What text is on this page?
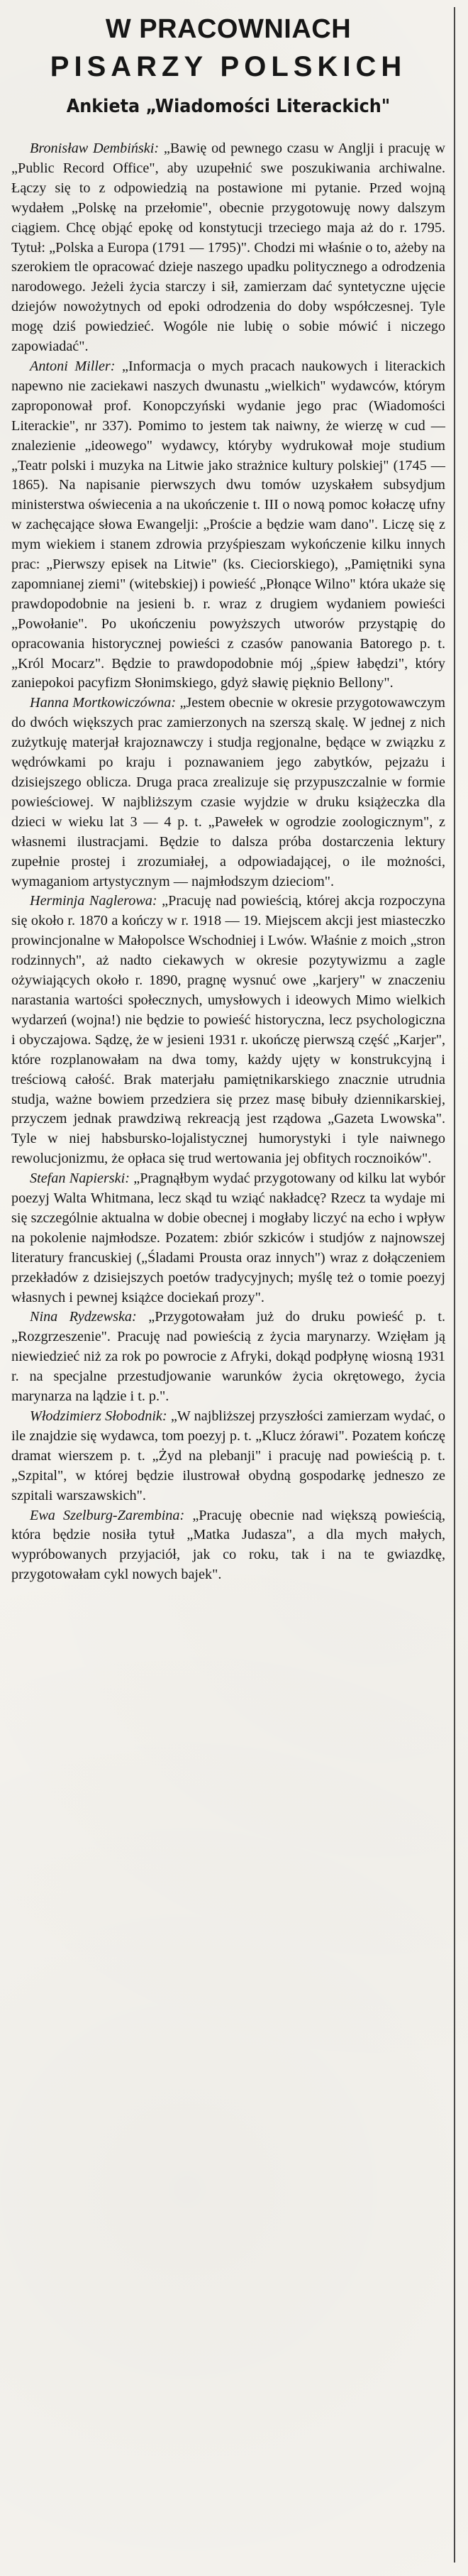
W PRACOWNIACH
PISARZY POLSKICH
Ankieta „Wiadomości Literackich"

Bronisław Dembiński: „Bawię od pewnego czasu w Anglji i pracuję w „Public Record Office", aby uzupełnić swe poszukiwania archiwalne. Łączy się to z odpowiedzią na postawione mi pytanie. Przed wojną wydałem „Polskę na przełomie", obecnie przygotowuję nowy dalszym ciągiem. Chcę objąć epokę od konstytucji trzeciego maja aż do r. 1795. Tytuł: „Polska a Europa (1791 — 1795)". Chodzi mi właśnie o to, ażeby na szerokiem tle opracować dzieje naszego upadku politycznego a odrodzenia narodowego. Jeżeli życia starczy i sił, zamierzam dać syntetyczne ujęcie dziejów nowożytnych od epoki odrodzenia do doby współczesnej. Tyle mogę dziś powiedzieć. Wogóle nie lubię o sobie mówić i niczego zapowiadać".

Antoni Miller: „Informacja o mych pracach naukowych i literackich napewno nie zaciekawi naszych dwunastu „wielkich" wydawców, którym zaproponował prof. Konopczyński wydanie jego prac (Wiadomości Literackie", nr 337). Pomimo to jestem tak naiwny, że wierzę w cud — znalezienie „ideowego" wydawcy, któryby wydrukował moje studium „Teatr polski i muzyka na Litwie jako strażnice kultury polskiej" (1745 — 1865). Na napisanie pierwszych dwu tomów uzyskałem subsydjum ministerstwa oświecenia a na ukończenie t. III o nową pomoc kołaczę ufny w zachęcające słowa Ewangelji: „Proście a będzie wam dano". Liczę się z mym wiekiem i stanem zdrowia przyśpieszam wykończenie kilku innych prac: „Pierwszy episek na Litwie" (ks. Cieciorskiego), „Pamiętniki syna zapomnianej ziemi" (witebskiej) i powieść „Płonące Wilno" która ukaże się prawdopodobnie na jesieni b. r. wraz z drugiem wydaniem powieści „Powołanie". Po ukończeniu powyższych utworów przystąpię do opracowania historycznej powieści z czasów panowania Batorego p. t. „Król Mocarz". Będzie to prawdopodobnie mój „śpiew łabędzi", który zaniepokoi pacyfizm Słonimskiego, gdyż sławię pięknio Bellony".

Hanna Mortkowiczówna: „Jestem obecnie w okresie przygotowawczym do dwóch większych prac zamierzonych na szerszą skalę. W jednej z nich zużytkuję materjał krajoznawczy i studja regjonalne, będące w związku z wędrówkami po kraju i poznawaniem jego zabytków, pejzażu i dzisiejszego oblicza. Druga praca zrealizuje się przypuszczalnie w formie powieściowej. W najbliższym czasie wyjdzie w druku książeczka dla dzieci w wieku lat 3 — 4 p. t. „Pawełek w ogrodzie zoologicznym", z własnemi ilustracjami. Będzie to dalsza próba dostarczenia lektury zupełnie prostej i zrozumiałej, a odpowiadającej, o ile możności, wymaganiom artystycznym — najmłodszym dzieciom".

Herminja Naglerowa: „Pracuję nad powieścią, której akcja rozpoczyna się około r. 1870 a kończy w r. 1918 — 19. Miejscem akcji jest miasteczko prowincjonalne w Małopolsce Wschodniej i Lwów. Właśnie z moich „stron rodzinnych", aż nadto ciekawych w okresie pozytywizmu a zagle ożywiających około r. 1890, pragnę wysnuć owe „karjery" w znaczeniu narastania wartości społecznych, umysłowych i ideowych Mimo wielkich wydarzeń (wojna!) nie będzie to powieść historyczna, lecz psychologiczna i obyczajowa. Sądzę, że w jesieni 1931 r. ukończę pierwszą część „Karjer", które rozplanowałam na dwa tomy, każdy ujęty w konstrukcyjną i treściową całość. Brak materjału pamiętnikarskiego znacznie utrudnia studja, ważne bowiem przedziera się przez masę bibuły dziennikarskiej, przyczem jednak prawdziwą rekreacją jest rządowa „Gazeta Lwowska". Tyle w niej habsbursko-lojalistycznej humorystyki i tyle naiwnego rewolucjonizmu, że opłaca się trud wertowania jej obfitych rocznoików".

Stefan Napierski: „Pragnąłbym wydać przygotowany od kilku lat wybór poezyj Walta Whitmana, lecz skąd tu wziąć nakładcę? Rzecz ta wydaje mi się szczególnie aktualna w dobie obecnej i mogłaby liczyć na echo i wpływ na pokolenie najmłodsze. Pozatem: zbiór szkiców i studjów z najnowszej literatury francuskiej („Śladami Prousta oraz innych") wraz z dołączeniem przekładów z dzisiejszych poetów tradycyjnych; myślę też o tomie poezyj własnych i pewnej książce dociekań prozy".

Nina Rydzewska: „Przygotowałam już do druku powieść p. t. „Rozgrzeszenie". Pracuję nad powieścią z życia marynarzy. Wzięłam ją niewiedzieć niż za rok po powrocie z Afryki, dokąd podpłynę wiosną 1931 r. na specjalne przestudjowanie warunków życia okrętowego, życia marynarza na lądzie i t. p.".

Włodzimierz Słobodnik: „W najbliższej przyszłości zamierzam wydać, o ile znajdzie się wydawca, tom poezyj p. t. „Klucz żórawi". Pozatem kończę dramat wierszem p. t. „Żyd na plebanji" i pracuję nad powieścią p. t. „Szpital", w której będzie ilustrował obydną gospodarkę jedneszo ze szpitali warszawskich".

Ewa Szelburg-Zarembina: „Pracuję obecnie nad większą powieścią, która będzie nosiła tytuł „Matka Judasza", a dla mych małych, wypróbowanych przyjaciół, jak co roku, tak i na te gwiazdkę, przygotowałam cykl nowych bajek".
